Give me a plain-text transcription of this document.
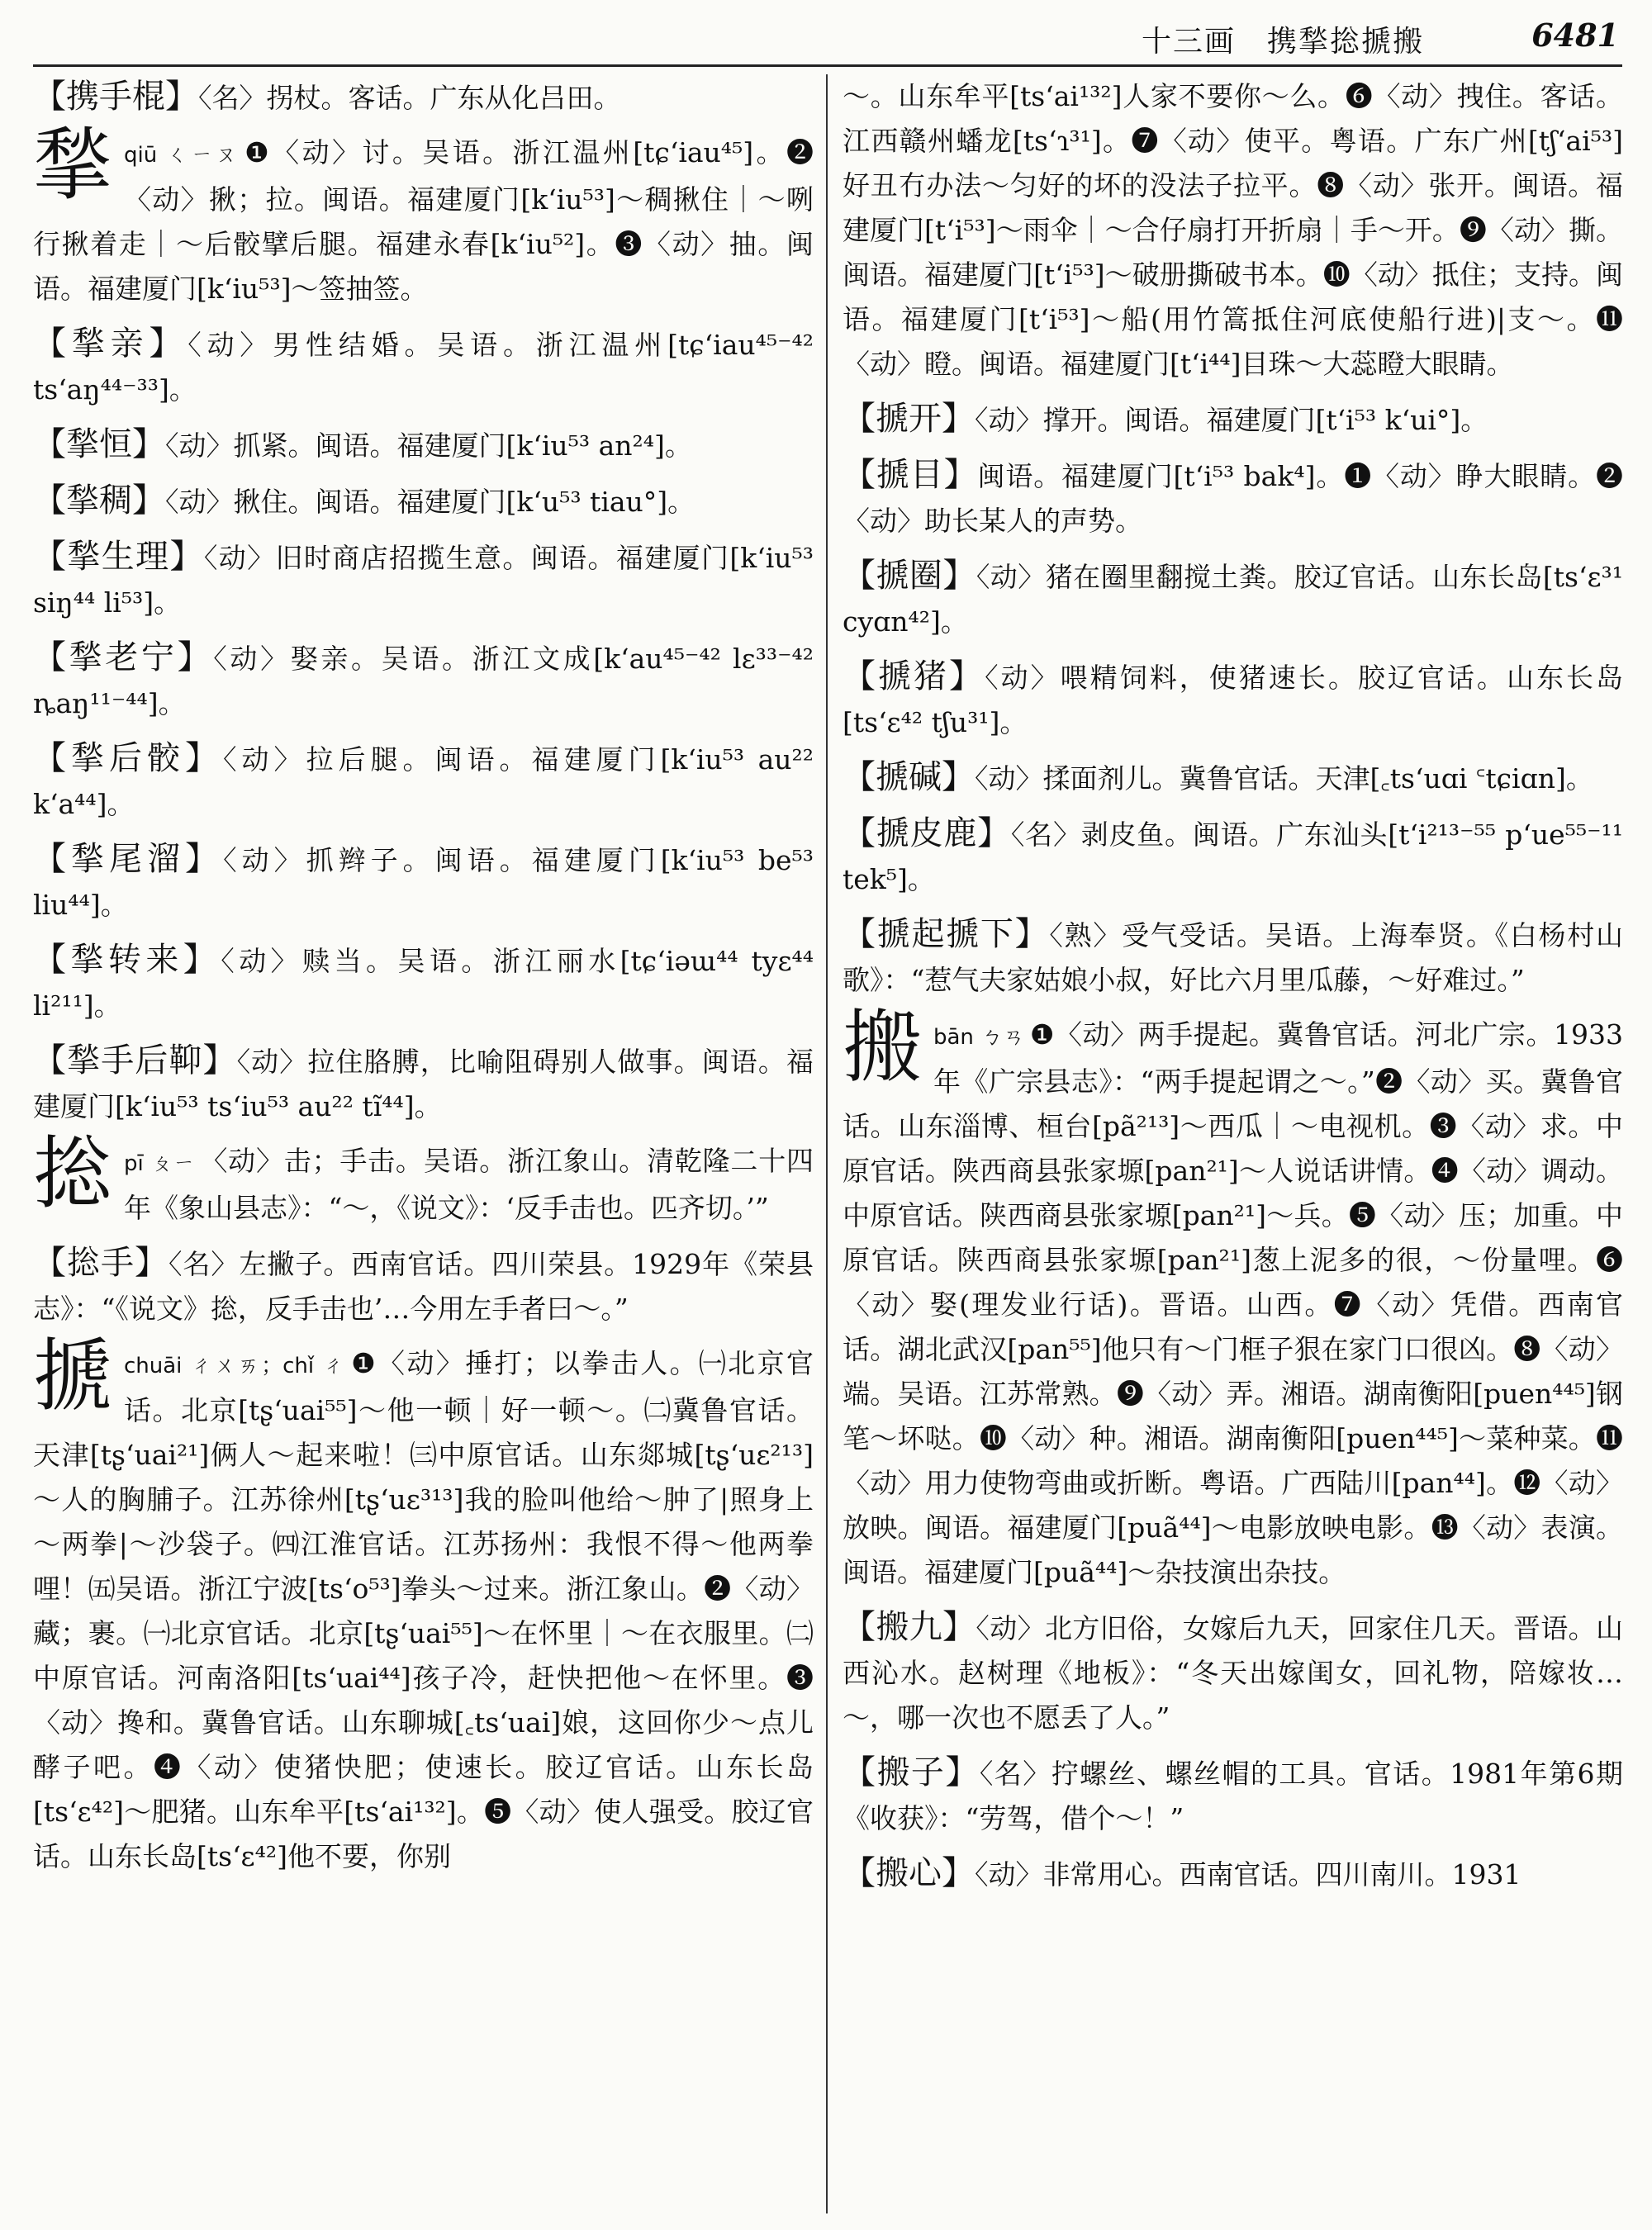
十三画　携揫捴搋搬	6481
【携手棍】〈名〉拐杖。客话。广东从化吕田。
揫qiū ㄑㄧㄡ ❶〈动〉讨。吴语。浙江温州[tɕ‘iau⁴⁵]。❷〈动〉揪；拉。闽语。福建厦门[k‘iu⁵³]～稠揪住｜～咧行揪着走｜～后骹擘后腿。福建永春[k‘iu⁵²]。❸〈动〉抽。闽语。福建厦门[k‘iu⁵³]～签抽签。
【揫亲】〈动〉男性结婚。吴语。浙江温州[tɕ‘iau⁴⁵⁻⁴² ts‘aŋ⁴⁴⁻³³]。
【揫恒】〈动〉抓紧。闽语。福建厦门[k‘iu⁵³ an²⁴]。
【揫稠】〈动〉揪住。闽语。福建厦门[k‘u⁵³ tiau°]。
【揫生理】〈动〉旧时商店招揽生意。闽语。福建厦门[k‘iu⁵³ siŋ⁴⁴ li⁵³]。
【揫老宁】〈动〉娶亲。吴语。浙江文成[k‘au⁴⁵⁻⁴² lɛ³³⁻⁴² ȵaŋ¹¹⁻⁴⁴]。
【揫后骹】〈动〉拉后腿。闽语。福建厦门[k‘iu⁵³ au²² k‘a⁴⁴]。
【揫尾溜】〈动〉抓辫子。闽语。福建厦门[k‘iu⁵³ be⁵³ liu⁴⁴]。
【揫转来】〈动〉赎当。吴语。浙江丽水[tɕ‘iəɯ⁴⁴ tyɛ⁴⁴ li²¹¹]。
【揫手后䩕】〈动〉拉住胳膊，比喻阻碍别人做事。闽语。福建厦门[k‘iu⁵³ ts‘iu⁵³ au²² tĩ⁴⁴]。
捴pī ㄆㄧ 〈动〉击；手击。吴语。浙江象山。清乾隆二十四年《象山县志》：“～，《说文》：‘反手击也。匹齐切。’”
【捴手】〈名〉左撇子。西南官话。四川荣县。1929年《荣县志》：“《说文》捴，反手击也’…今用左手者曰～。”
搋chuāi ㄔㄨㄞ；chǐ ㄔ ❶〈动〉捶打；以拳击人。㈠北京官话。北京[tʂ‘uai⁵⁵]～他一顿｜好一顿～。㈡冀鲁官话。天津[tʂ‘uai²¹]俩人～起来啦！㈢中原官话。山东郯城[tʂ‘uɛ²¹³]～人的胸脯子。江苏徐州[tʂ‘uɛ³¹³]我的脸叫他给～肿了|照身上～两拳|～沙袋子。㈣江淮官话。江苏扬州：我恨不得～他两拳哩！㈤吴语。浙江宁波[ts‘o⁵³]拳头～过来。浙江象山。❷〈动〉藏；裹。㈠北京官话。北京[tʂ‘uai⁵⁵]～在怀里｜～在衣服里。㈡中原官话。河南洛阳[ts‘uai⁴⁴]孩子冷，赶快把他～在怀里。❸〈动〉搀和。冀鲁官话。山东聊城[꜀ts‘uai]娘，这回你少～点儿酵子吧。❹〈动〉使猪快肥；使速长。胶辽官话。山东长岛[ts‘ɛ⁴²]～肥猪。山东牟平[ts‘ai¹³²]。❺〈动〉使人强受。胶辽官话。山东长岛[ts‘ɛ⁴²]他不要，你别
～。山东牟平[ts‘ai¹³²]人家不要你～么。❻〈动〉拽住。客话。江西赣州蟠龙[ts‘ɿ³¹]。❼〈动〉使平。粤语。广东广州[tʃ‘ai⁵³]好丑冇办法～匀好的坏的没法子拉平。❽〈动〉张开。闽语。福建厦门[t‘i⁵³]～雨伞｜～合仔扇打开折扇｜手～开。❾〈动〉撕。闽语。福建厦门[t‘i⁵³]～破册撕破书本。❿〈动〉抵住；支持。闽语。福建厦门[t‘i⁵³]～船(用竹篙抵住河底使船行进)|支～。⓫〈动〉瞪。闽语。福建厦门[t‘i⁴⁴]目珠～大蕊瞪大眼睛。
【搋开】〈动〉撑开。闽语。福建厦门[t‘i⁵³ k‘ui°]。
【搋目】闽语。福建厦门[t‘i⁵³ bak⁴]。❶〈动〉睁大眼睛。❷〈动〉助长某人的声势。
【搋圈】〈动〉猪在圈里翻搅土粪。胶辽官话。山东长岛[ts‘ɛ³¹ cyɑn⁴²]。
【搋猪】〈动〉喂精饲料，使猪速长。胶辽官话。山东长岛[ts‘ɛ⁴² tʃu³¹]。
【搋碱】〈动〉揉面剂儿。冀鲁官话。天津[꜀ts‘uɑi ꜂tɕiɑn]。
【搋皮鹿】〈名〉剥皮鱼。闽语。广东汕头[t‘i²¹³⁻⁵⁵ p‘ue⁵⁵⁻¹¹ tek⁵]。
【搋起搋下】〈熟〉受气受话。吴语。上海奉贤。《白杨村山歌》：“惹气夫家姑娘小叔，好比六月里瓜藤，～好难过。”
搬bān ㄅㄢ ❶〈动〉两手提起。冀鲁官话。河北广宗。1933年《广宗县志》：“两手提起谓之～。”❷〈动〉买。冀鲁官话。山东淄博、桓台[pã²¹³]～西瓜｜～电视机。❸〈动〉求。中原官话。陕西商县张家塬[pan²¹]～人说话讲情。❹〈动〉调动。中原官话。陕西商县张家塬[pan²¹]～兵。❺〈动〉压；加重。中原官话。陕西商县张家塬[pan²¹]葱上泥多的很，～份量哩。❻〈动〉娶(理发业行话)。晋语。山西。❼〈动〉凭借。西南官话。湖北武汉[pan⁵⁵]他只有～门框子狠在家门口很凶。❽〈动〉端。吴语。江苏常熟。❾〈动〉弄。湘语。湖南衡阳[puen⁴⁴⁵]钢笔～坏哒。❿〈动〉种。湘语。湖南衡阳[puen⁴⁴⁵]～菜种菜。⓫〈动〉用力使物弯曲或折断。粤语。广西陆川[pan⁴⁴]。⓬〈动〉放映。闽语。福建厦门[puã⁴⁴]～电影放映电影。⓭〈动〉表演。闽语。福建厦门[puã⁴⁴]～杂技演出杂技。
【搬九】〈动〉北方旧俗，女嫁后九天，回家住几天。晋语。山西沁水。赵树理《地板》：“冬天出嫁闺女，回礼物，陪嫁妆…～，哪一次也不愿丢了人。”
【搬子】〈名〉拧螺丝、螺丝帽的工具。官话。1981年第6期《收获》：“劳驾，借个～！”
【搬心】〈动〉非常用心。西南官话。四川南川。1931
